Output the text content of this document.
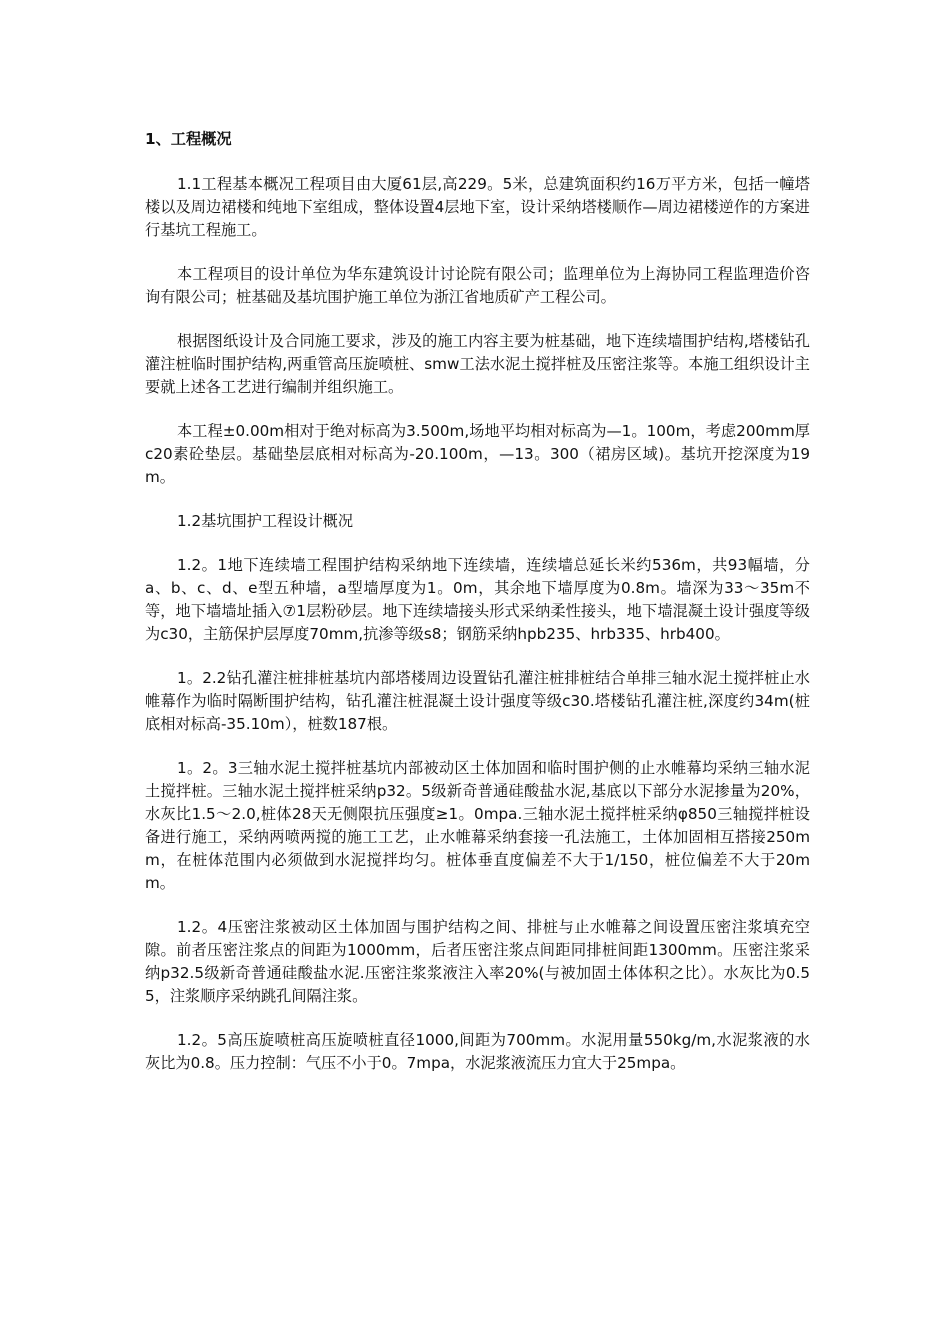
1、工程概况

1.1工程基本概况工程项目由大厦61层,高229。5米，总建筑面积约16万平方米，包括一幢塔楼以及周边裙楼和纯地下室组成，整体设置4层地下室，设计采纳塔楼顺作—周边裙楼逆作的方案进行基坑工程施工。

本工程项目的设计单位为华东建筑设计讨论院有限公司；监理单位为上海协同工程监理造价咨询有限公司；桩基础及基坑围护施工单位为浙江省地质矿产工程公司。

根据图纸设计及合同施工要求，涉及的施工内容主要为桩基础，地下连续墙围护结构,塔楼钻孔灌注桩临时围护结构,两重管高压旋喷桩、smw工法水泥土搅拌桩及压密注浆等。本施工组织设计主要就上述各工艺进行编制并组织施工。

本工程±0.00m相对于绝对标高为3.500m,场地平均相对标高为—1。100m，考虑200mm厚c20素砼垫层。基础垫层底相对标高为-20.100m，—13。300（裙房区域)。基坑开挖深度为19m。

1.2基坑围护工程设计概况

1.2。1地下连续墙工程围护结构采纳地下连续墙，连续墙总延长米约536m，共93幅墙，分a、b、c、d、e型五种墙，a型墙厚度为1。0m，其余地下墙厚度为0.8m。墙深为33～35m不等，地下墙墙址插入⑦1层粉砂层。地下连续墙接头形式采纳柔性接头，地下墙混凝土设计强度等级为c30，主筋保护层厚度70mm,抗渗等级s8；钢筋采纳hpb235、hrb335、hrb400。

1。2.2钻孔灌注桩排桩基坑内部塔楼周边设置钻孔灌注桩排桩结合单排三轴水泥土搅拌桩止水帷幕作为临时隔断围护结构，钻孔灌注桩混凝土设计强度等级c30.塔楼钻孔灌注桩,深度约34m(桩底相对标高-35.10m），桩数187根。

1。2。3三轴水泥土搅拌桩基坑内部被动区土体加固和临时围护侧的止水帷幕均采纳三轴水泥土搅拌桩。三轴水泥土搅拌桩采纳p32。5级新奇普通硅酸盐水泥,基底以下部分水泥掺量为20%，水灰比1.5～2.0,桩体28天无侧限抗压强度≥1。0mpa.三轴水泥土搅拌桩采纳φ850三轴搅拌桩设备进行施工，采纳两喷两搅的施工工艺，止水帷幕采纳套接一孔法施工，土体加固相互搭接250mm，在桩体范围内必须做到水泥搅拌均匀。桩体垂直度偏差不大于1/150，桩位偏差不大于20mm。

1.2。4压密注浆被动区土体加固与围护结构之间、排桩与止水帷幕之间设置压密注浆填充空隙。前者压密注浆点的间距为1000mm，后者压密注浆点间距同排桩间距1300mm。压密注浆采纳p32.5级新奇普通硅酸盐水泥.压密注浆浆液注入率20%(与被加固土体体积之比）。水灰比为0.55，注浆顺序采纳跳孔间隔注浆。

1.2。5高压旋喷桩高压旋喷桩直径1000,间距为700mm。水泥用量550kg/m,水泥浆液的水灰比为0.8。压力控制：气压不小于0。7mpa，水泥浆液流压力宜大于25mpa。
